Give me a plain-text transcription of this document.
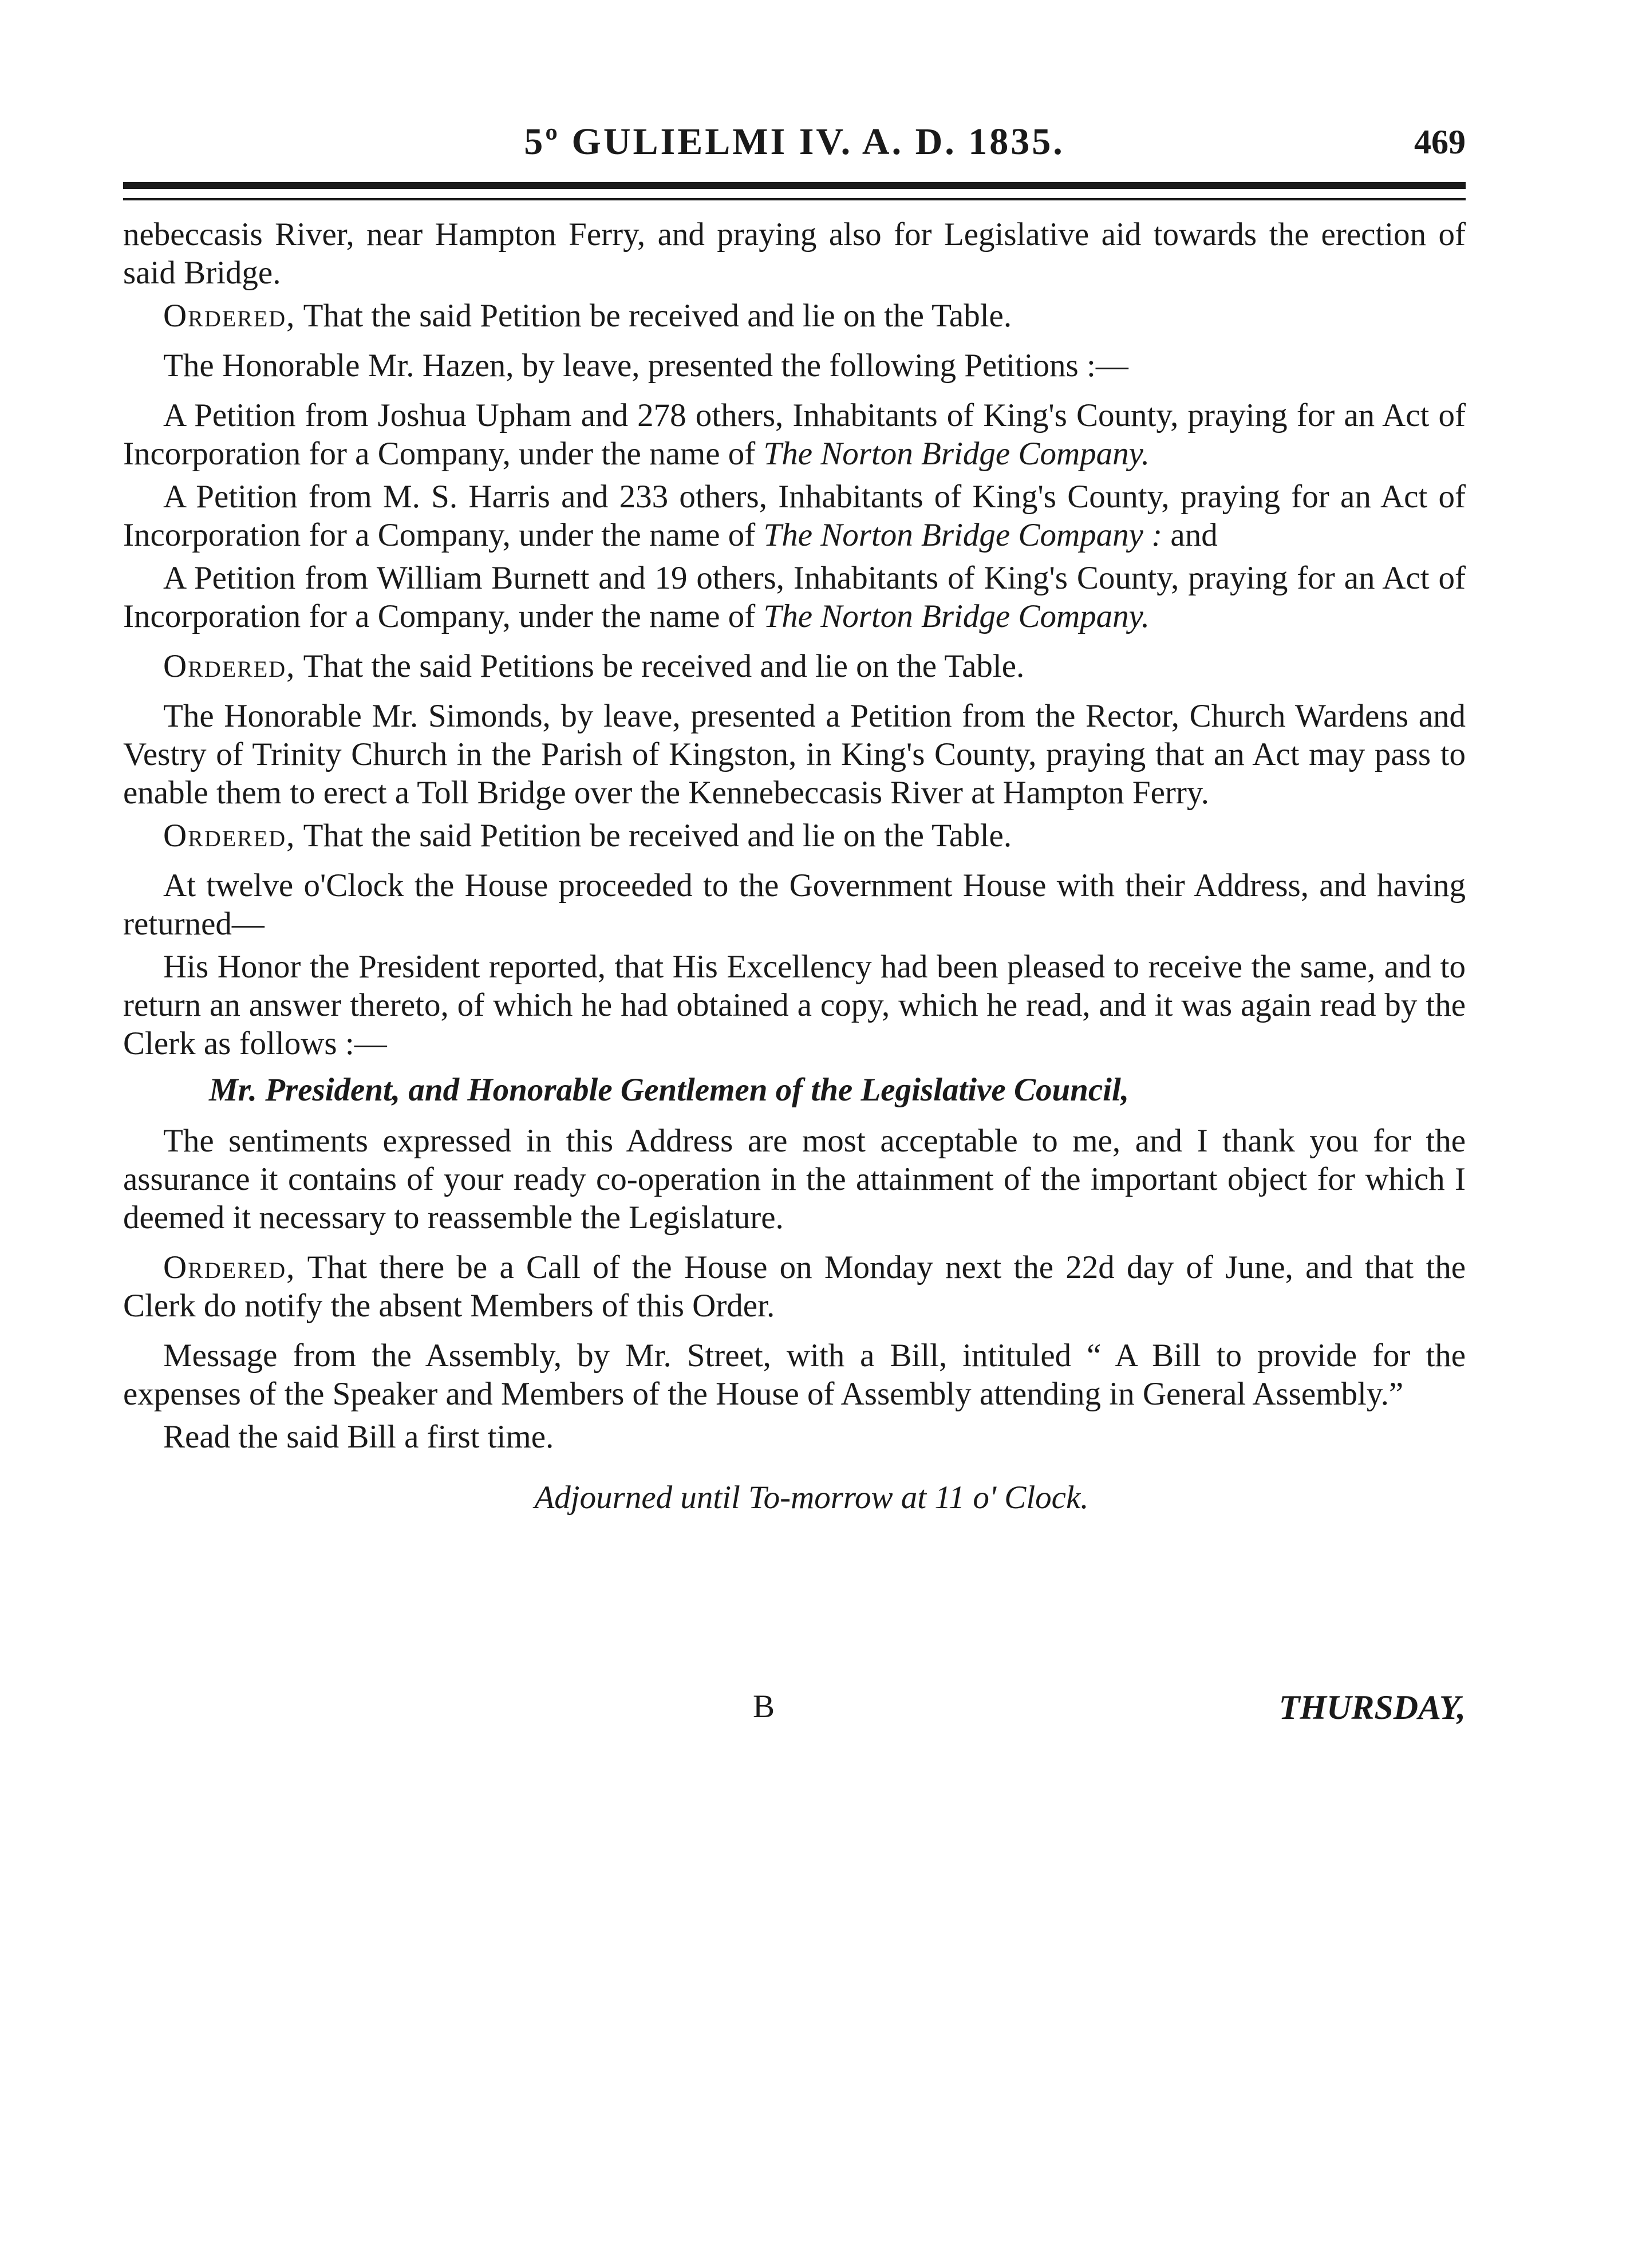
5º GULIELMI IV. A. D. 1835.	469

nebeccasis River, near Hampton Ferry, and praying also for Legislative aid towards the erection of said Bridge.

Ordered, That the said Petition be received and lie on the Table.

The Honorable Mr. Hazen, by leave, presented the following Petitions :—

A Petition from Joshua Upham and 278 others, Inhabitants of King's County, praying for an Act of Incorporation for a Company, under the name of The Norton Bridge Company.

A Petition from M. S. Harris and 233 others, Inhabitants of King's County, praying for an Act of Incorporation for a Company, under the name of The Norton Bridge Company : and

A Petition from William Burnett and 19 others, Inhabitants of King's County, praying for an Act of Incorporation for a Company, under the name of The Norton Bridge Company.

Ordered, That the said Petitions be received and lie on the Table.

The Honorable Mr. Simonds, by leave, presented a Petition from the Rector, Church Wardens and Vestry of Trinity Church in the Parish of Kingston, in King's County, praying that an Act may pass to enable them to erect a Toll Bridge over the Kennebeccasis River at Hampton Ferry.

Ordered, That the said Petition be received and lie on the Table.

At twelve o'Clock the House proceeded to the Government House with their Address, and having returned—

His Honor the President reported, that His Excellency had been pleased to receive the same, and to return an answer thereto, of which he had obtained a copy, which he read, and it was again read by the Clerk as follows :—

Mr. President, and Honorable Gentlemen of the Legislative Council,

The sentiments expressed in this Address are most acceptable to me, and I thank you for the assurance it contains of your ready co-operation in the attainment of the important object for which I deemed it necessary to reassemble the Legislature.

Ordered, That there be a Call of the House on Monday next the 22d day of June, and that the Clerk do notify the absent Members of this Order.

Message from the Assembly, by Mr. Street, with a Bill, intituled “ A Bill to provide for the expenses of the Speaker and Members of the House of Assembly attending in General Assembly.”

Read the said Bill a first time.

Adjourned until To-morrow at 11 o' Clock.
B	THURSDAY,
